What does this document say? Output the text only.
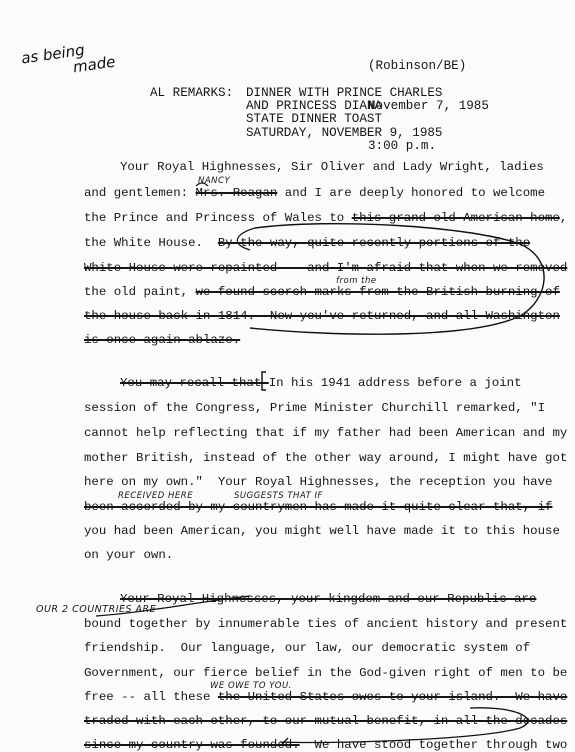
as being
made

	(Robinson/BE)

November 7, 1985

3:00 p.m.

AL REMARKS: DINNER WITH PRINCE CHARLES
AND PRINCESS DIANA
STATE DINNER TOAST
SATURDAY, NOVEMBER 9, 1985
Your Royal Highnesses, Sir Oliver and Lady Wright, ladies
and gentlemen: Mrs. Reagan and I are deeply honored to welcome
the Prince and Princess of Wales to this grand old American home,
the White House.  By the way, quite recently portions of the
White House were repainted -- and I'm afraid that when we removed
the old paint, we found scorch marks from the British burning of
the house back in 1814.  Now you've returned, and all Washington
is once again ablaze.
You may recall that In his 1941 address before a joint
session of the Congress, Prime Minister Churchill remarked, "I
cannot help reflecting that if my father had been American and my
mother British, instead of the other way around, I might have got
here on my own."  Your Royal Highnesses, the reception you have
been accorded by my countrymen has made it quite clear that, if
you had been American, you might well have made it to this house
on your own.
Your Royal Highnesses, your kingdom and our Republic are
bound together by innumerable ties of ancient history and present
friendship.  Our language, our law, our democratic system of
Government, our fierce belief in the God-given right of men to be
free -- all these the United States owes to your island.  We have
traded with each other, to our mutual benefit, in all the decades
since my country was founded.  We have stood together through two
NANCY
from the
RECEIVED HERE	SUGGESTS THAT IF
OUR 2 COUNTRIES ARE
WE OWE TO YOU.
